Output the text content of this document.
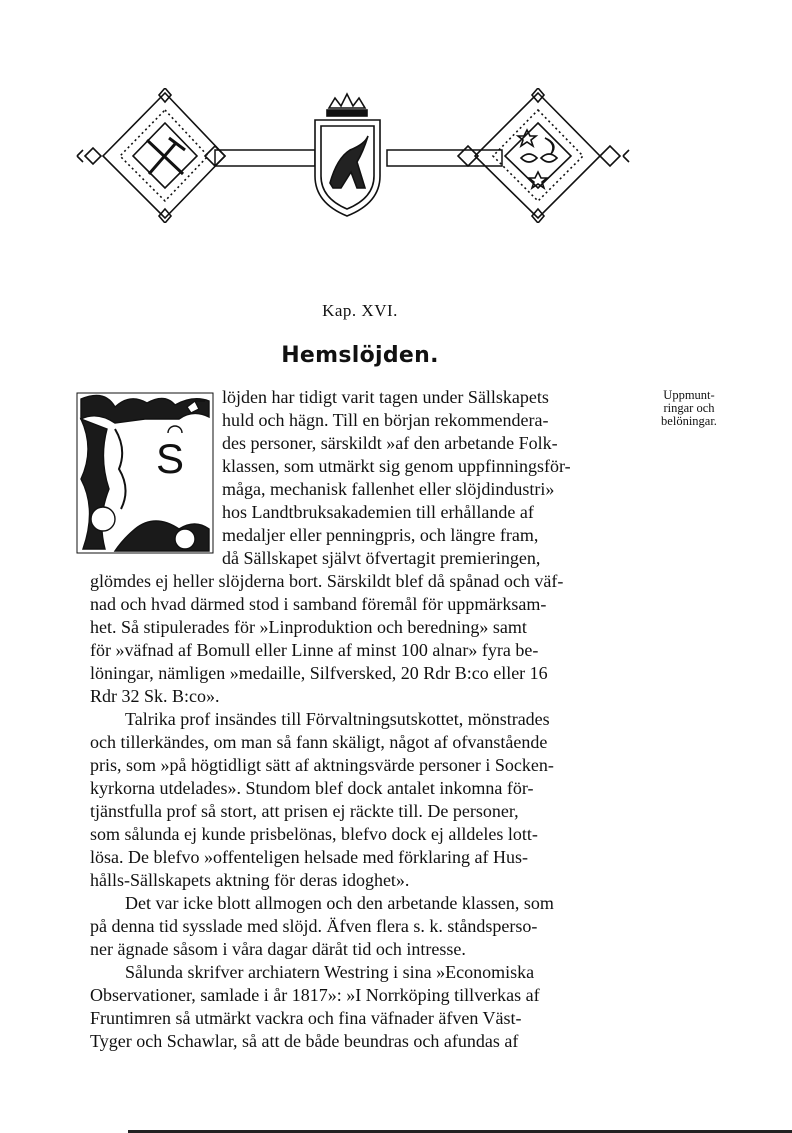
Kap. XVI.
Hemslöjden.
Uppmunt-
ringar och
belöningar.
S
löjden har tidigt varit tagen under Sällskapets
huld och hägn. Till en början rekommendera-
des personer, särskildt »af den arbetande Folk-
klassen, som utmärkt sig genom uppfinningsför-
måga, mechanisk fallenhet eller slöjdindustri»
hos Landtbruksakademien till erhållande af
medaljer eller penningpris, och längre fram,
då Sällskapet självt öfvertagit premieringen,
glömdes ej heller slöjderna bort. Särskildt blef då spånad och väf-
nad och hvad därmed stod i samband föremål för uppmärksam-
het. Så stipulerades för »Linproduktion och beredning» samt
för »väfnad af Bomull eller Linne af minst 100 alnar» fyra be-
löningar, nämligen »medaille, Silfversked, 20 Rdr B:co eller 16
Rdr 32 Sk. B:co».
Talrika prof insändes till Förvaltningsutskottet, mönstrades
och tillerkändes, om man så fann skäligt, något af ofvanstående
pris, som »på högtidligt sätt af aktningsvärde personer i Socken-
kyrkorna utdelades». Stundom blef dock antalet inkomna för-
tjänstfulla prof så stort, att prisen ej räckte till. De personer,
som sålunda ej kunde prisbelönas, blefvo dock ej alldeles lott-
lösa. De blefvo »offenteligen helsade med förklaring af Hus-
hålls-Sällskapets aktning för deras idoghet».
Det var icke blott allmogen och den arbetande klassen, som
på denna tid sysslade med slöjd. Äfven flera s. k. ståndsperso-
ner ägnade såsom i våra dagar däråt tid och intresse.
Sålunda skrifver archiatern Westring i sina »Economiska
Observationer, samlade i år 1817»: »I Norrköping tillverkas af
Fruntimren så utmärkt vackra och fina väfnader äfven Väst-
Tyger och Schawlar, så att de både beundras och afundas af
